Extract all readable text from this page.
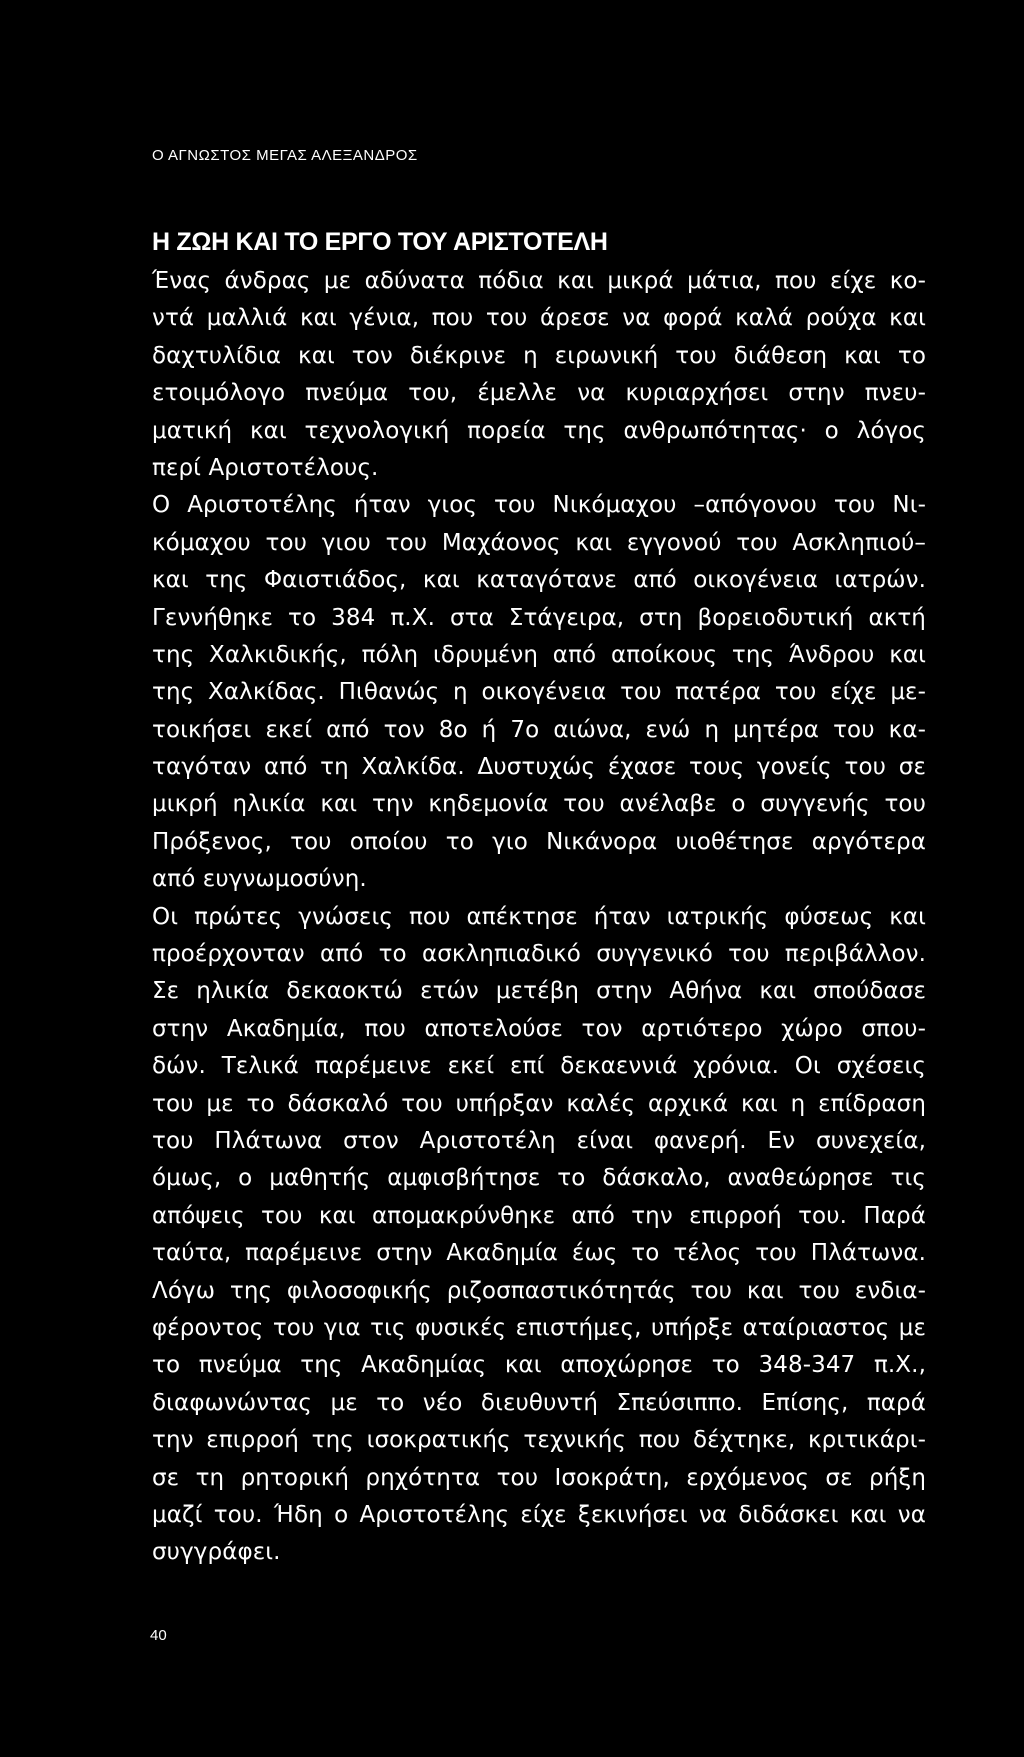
Ο ΑΓΝΩΣΤΟΣ ΜΕΓΑΣ ΑΛΕΞΑΝΔΡΟΣ
Η ΖΩΗ ΚΑΙ ΤΟ ΕΡΓΟ ΤΟΥ ΑΡΙΣΤΟΤΕΛΗ
Ένας άνδρας με αδύνατα πόδια και μικρά μάτια, που είχε κο-
ντά μαλλιά και γένια, που του άρεσε να φορά καλά ρούχα και
δαχτυλίδια και τον διέκρινε η ειρωνική του διάθεση και το
ετοιμόλογο πνεύμα του, έμελλε να κυριαρχήσει στην πνευ-
ματική και τεχνολογική πορεία της ανθρωπότητας· ο λόγος
περί Αριστοτέλους.
Ο Αριστοτέλης ήταν γιος του Νικόμαχου –απόγονου του Νι-
κόμαχου του γιου του Μαχάονος και εγγονού του Ασκληπιού–
και της Φαιστιάδος, και καταγότανε από οικογένεια ιατρών.
Γεννήθηκε το 384 π.Χ. στα Στάγειρα, στη βορειοδυτική ακτή
της Χαλκιδικής, πόλη ιδρυμένη από αποίκους της Άνδρου και
της Χαλκίδας. Πιθανώς η οικογένεια του πατέρα του είχε με-
τοικήσει εκεί από τον 8ο ή 7ο αιώνα, ενώ η μητέρα του κα-
ταγόταν από τη Χαλκίδα. Δυστυχώς έχασε τους γονείς του σε
μικρή ηλικία και την κηδεμονία του ανέλαβε ο συγγενής του
Πρόξενος, του οποίου το γιο Νικάνορα υιοθέτησε αργότερα
από ευγνωμοσύνη.
Οι πρώτες γνώσεις που απέκτησε ήταν ιατρικής φύσεως και
προέρχονταν από το ασκληπιαδικό συγγενικό του περιβάλλον.
Σε ηλικία δεκαοκτώ ετών μετέβη στην Αθήνα και σπούδασε
στην Ακαδημία, που αποτελούσε τον αρτιότερο χώρο σπου-
δών. Τελικά παρέμεινε εκεί επί δεκαεννιά χρόνια. Οι σχέσεις
του με το δάσκαλό του υπήρξαν καλές αρχικά και η επίδραση
του Πλάτωνα στον Αριστοτέλη είναι φανερή. Εν συνεχεία,
όμως, ο μαθητής αμφισβήτησε το δάσκαλο, αναθεώρησε τις
απόψεις του και απομακρύνθηκε από την επιρροή του. Παρά
ταύτα, παρέμεινε στην Ακαδημία έως το τέλος του Πλάτωνα.
Λόγω της φιλοσοφικής ριζοσπαστικότητάς του και του ενδια-
φέροντος του για τις φυσικές επιστήμες, υπήρξε αταίριαστος με
το πνεύμα της Ακαδημίας και αποχώρησε το 348-347 π.Χ.,
διαφωνώντας με το νέο διευθυντή Σπεύσιππο. Επίσης, παρά
την επιρροή της ισοκρατικής τεχνικής που δέχτηκε, κριτικάρι-
σε τη ρητορική ρηχότητα του Ισοκράτη, ερχόμενος σε ρήξη
μαζί του. Ήδη ο Αριστοτέλης είχε ξεκινήσει να διδάσκει και να
συγγράφει.
40
